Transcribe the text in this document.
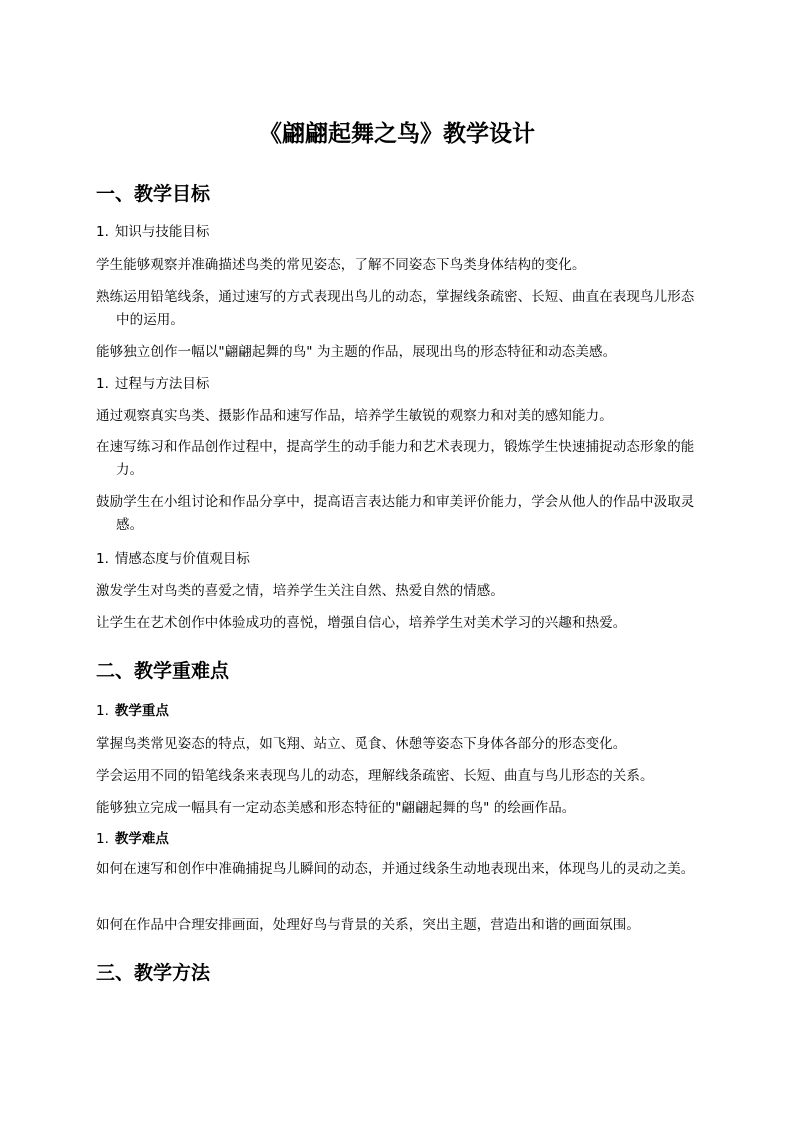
《翩翩起舞之鸟》教学设计
一、教学目标
1. 知识与技能目标

学生能够观察并准确描述鸟类的常见姿态，了解不同姿态下鸟类身体结构的变化。

熟练运用铅笔线条，通过速写的方式表现出鸟儿的动态，掌握线条疏密、长短、曲直在表现鸟儿形态中的运用。

能够独立创作一幅以"翩翩起舞的鸟" 为主题的作品，展现出鸟的形态特征和动态美感。

1. 过程与方法目标

通过观察真实鸟类、摄影作品和速写作品，培养学生敏锐的观察力和对美的感知能力。

在速写练习和作品创作过程中，提高学生的动手能力和艺术表现力，锻炼学生快速捕捉动态形象的能力。

鼓励学生在小组讨论和作品分享中，提高语言表达能力和审美评价能力，学会从他人的作品中汲取灵感。

1. 情感态度与价值观目标

激发学生对鸟类的喜爱之情，培养学生关注自然、热爱自然的情感。

让学生在艺术创作中体验成功的喜悦，增强自信心，培养学生对美术学习的兴趣和热爱。

二、教学重难点
1. 教学重点

掌握鸟类常见姿态的特点，如飞翔、站立、觅食、休憩等姿态下身体各部分的形态变化。

学会运用不同的铅笔线条来表现鸟儿的动态，理解线条疏密、长短、曲直与鸟儿形态的关系。

能够独立完成一幅具有一定动态美感和形态特征的"翩翩起舞的鸟" 的绘画作品。

1. 教学难点

如何在速写和创作中准确捕捉鸟儿瞬间的动态，并通过线条生动地表现出来，体现鸟儿的灵动之美。

如何在作品中合理安排画面，处理好鸟与背景的关系，突出主题，营造出和谐的画面氛围。

三、教学方法
